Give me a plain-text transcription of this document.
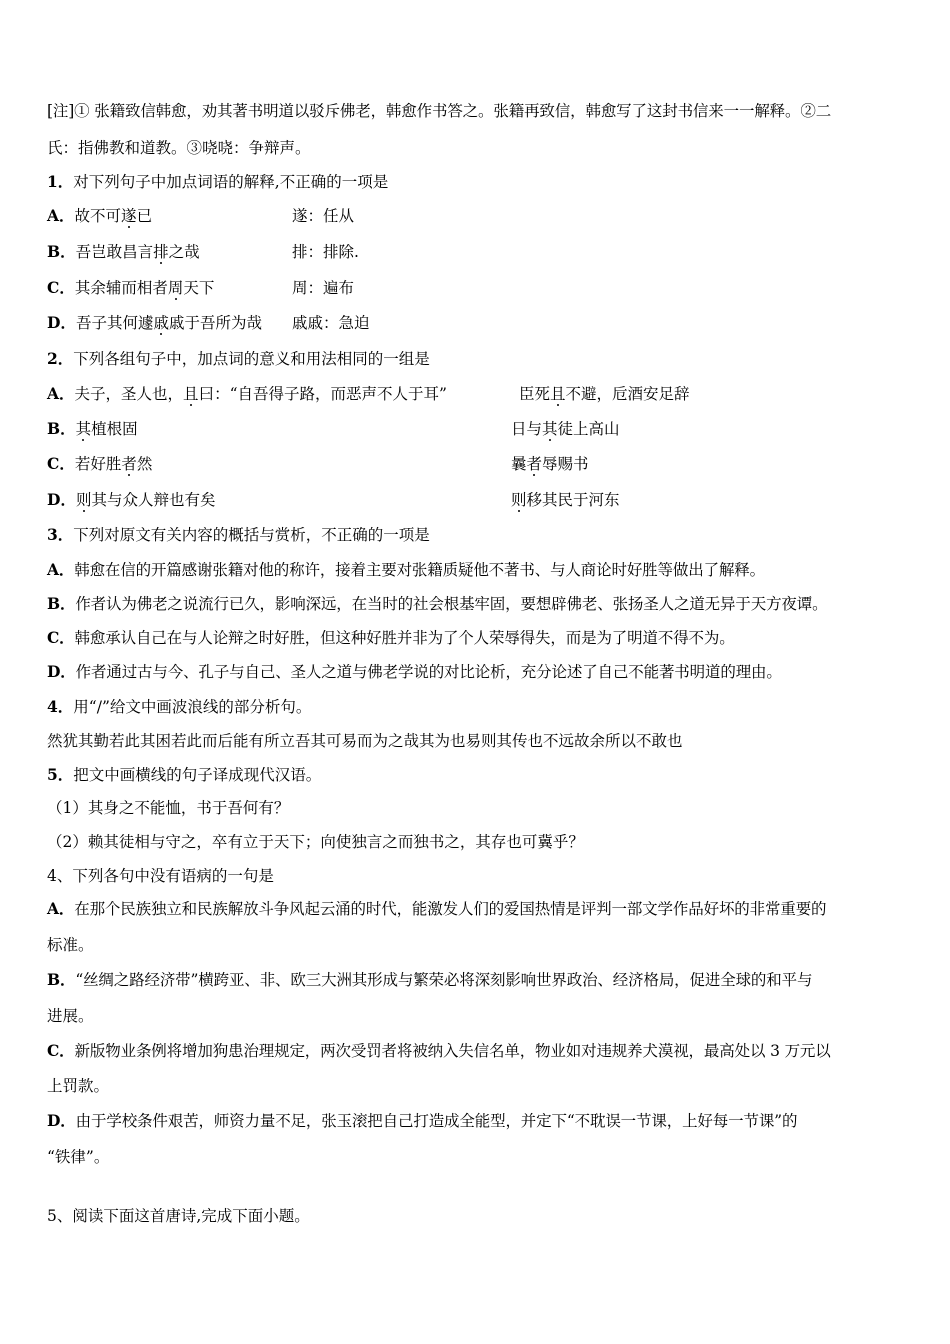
[注]① 张籍致信韩愈，劝其著书明道以驳斥佛老，韩愈作书答之。张籍再致信，韩愈写了这封书信来一一解释。②二
氏：指佛教和道教。③哓哓：争辩声。
1．对下列句子中加点词语的解释,不正确的一项是
A．故不可遂已	遂：任从
B．吾岂敢昌言排之哉	排：排除.
C．其余辅而相者周天下	周：遍布
D．吾子其何遽戚戚于吾所为哉 戚戚：急迫
2．下列各组句子中，加点词的意义和用法相同的一组是
A．夫子，圣人也，且曰：“自吾得子路，而恶声不人于耳”	臣死且不避，卮酒安足辞
B．其植根固	日与其徒上高山
C．若好胜者然	曩者辱赐书
D．则其与众人辩也有矣	则移其民于河东
3．下列对原文有关内容的概括与赏析，不正确的一项是
A．韩愈在信的开篇感谢张籍对他的称许，接着主要对张籍质疑他不著书、与人商论时好胜等做出了解释。
B．作者认为佛老之说流行已久，影响深远，在当时的社会根基牢固，要想辟佛老、张扬圣人之道无异于天方夜谭。
C．韩愈承认自己在与人论辩之时好胜，但这种好胜并非为了个人荣辱得失，而是为了明道不得不为。
D．作者通过古与今、孔子与自己、圣人之道与佛老学说的对比论析，充分论述了自己不能著书明道的理由。
4．用“/”给文中画波浪线的部分析句。
然犹其勤若此其困若此而后能有所立吾其可易而为之哉其为也易则其传也不远故余所以不敢也
5．把文中画横线的句子译成现代汉语。
（1）其身之不能恤，书于吾何有？
（2）赖其徒相与守之，卒有立于天下；向使独言之而独书之，其存也可冀乎？
4、下列各句中没有语病的一句是
A．在那个民族独立和民族解放斗争风起云涌的时代，能激发人们的爱国热情是评判一部文学作品好坏的非常重要的
标准。
B．“丝绸之路经济带”横跨亚、非、欧三大洲其形成与繁荣必将深刻影响世界政治、经济格局，促进全球的和平与
进展。
C．新版物业条例将增加狗患治理规定，两次受罚者将被纳入失信名单，物业如对违规养犬漠视，最高处以 3 万元以
上罚款。
D．由于学校条件艰苦，师资力量不足，张玉滚把自己打造成全能型，并定下“不耽误一节课，上好每一节课”的
“铁律”。
5、阅读下面这首唐诗,完成下面小题。
